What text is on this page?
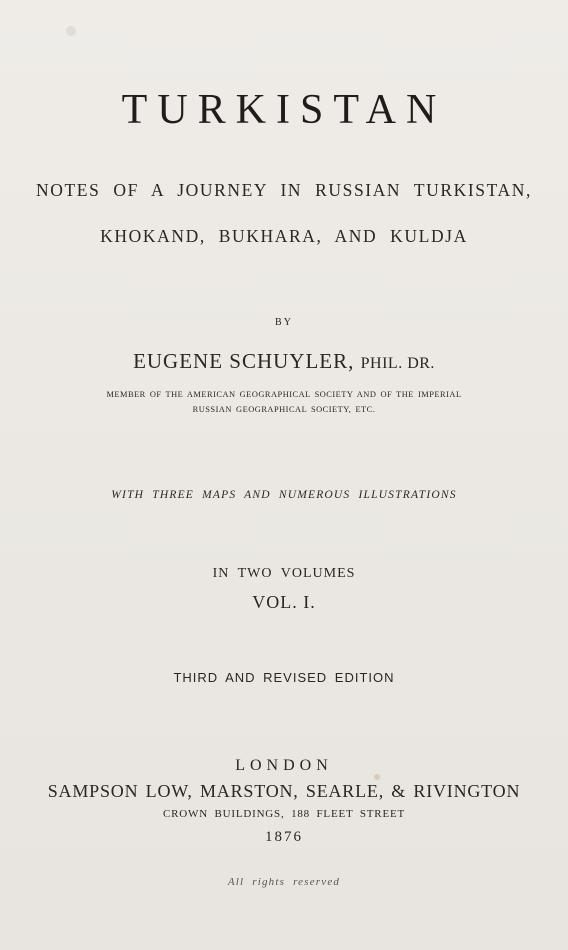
TURKISTAN
NOTES OF A JOURNEY IN RUSSIAN TURKISTAN,
KHOKAND, BUKHARA, AND KULDJA
BY
EUGENE SCHUYLER, PHIL. DR.
MEMBER OF THE AMERICAN GEOGRAPHICAL SOCIETY AND OF THE IMPERIAL
RUSSIAN GEOGRAPHICAL SOCIETY, ETC.
WITH THREE MAPS AND NUMEROUS ILLUSTRATIONS
IN TWO VOLUMES
VOL. I.
THIRD AND REVISED EDITION
LONDON
SAMPSON LOW, MARSTON, SEARLE, & RIVINGTON
CROWN BUILDINGS, 188 FLEET STREET
1876
All rights reserved
